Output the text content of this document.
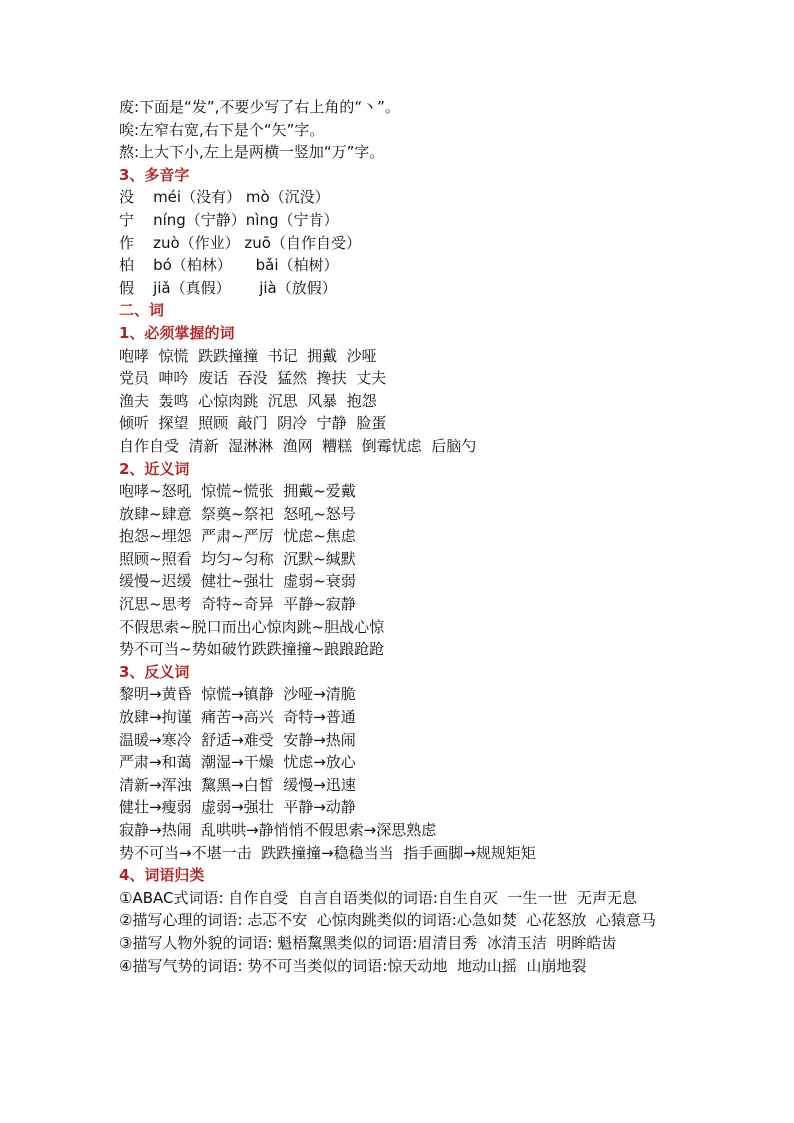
废:下面是“发”,不要少写了右上角的“丶”。

唉:左窄右宽,右下是个“矢”字。

熬:上大下小,左上是两横一竖加“万”字。

3、多音字

没    méi（没有） mò（沉没）

宁    níng（宁静）nìng（宁肯）

作    zuò（作业） zuō（自作自受）

柏    bó（柏林）     bǎi（柏树）

假    jiǎ（真假）      jià（放假）

二、词

1、必须掌握的词

咆哮  惊慌  跌跌撞撞  书记  拥戴  沙哑

党员  呻吟  废话  吞没  猛然  搀扶  丈夫

渔夫  轰鸣  心惊肉跳  沉思  风暴  抱怨

倾听  探望  照顾  敲门  阴冷  宁静  脸蛋

自作自受  清新  湿淋淋  渔网  糟糕  倒霉忧虑  后脑勺

2、近义词

咆哮~怒吼  惊慌~慌张  拥戴~爱戴

放肆~肆意  祭奠~祭祀  怒吼~怒号

抱怨~埋怨  严肃~严厉  忧虑~焦虑

照顾~照看  均匀~匀称  沉默~缄默

缓慢~迟缓  健壮~强壮  虚弱~衰弱

沉思~思考  奇特~奇异  平静~寂静

不假思索~脱口而出心惊肉跳~胆战心惊

势不可当~势如破竹跌跌撞撞~踉踉跄跄

3、反义词

黎明→黄昏  惊慌→镇静  沙哑→清脆

放肆→拘谨  痛苦→高兴  奇特→普通

温暖→寒冷  舒适→难受  安静→热闹

严肃→和蔼  潮湿→干燥  忧虑→放心

清新→浑浊  黧黑→白皙  缓慢→迅速

健壮→瘦弱  虚弱→强壮  平静→动静

寂静→热闹  乱哄哄→静悄悄不假思索→深思熟虑

势不可当→不堪一击  跌跌撞撞→稳稳当当  指手画脚→规规矩矩

4、词语归类

①ABAC式词语: 自作自受  自言自语类似的词语:自生自灭  一生一世  无声无息

②描写心理的词语: 忐忑不安  心惊肉跳类似的词语:心急如焚  心花怒放  心猿意马

③描写人物外貌的词语: 魁梧黧黑类似的词语:眉清目秀  冰清玉洁  明眸皓齿

④描写气势的词语: 势不可当类似的词语:惊天动地  地动山摇  山崩地裂
